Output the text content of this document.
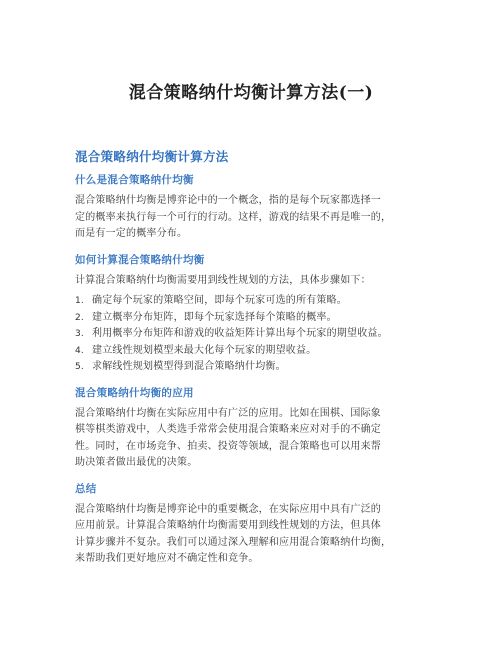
混合策略纳什均衡计算方法(一)
混合策略纳什均衡计算方法
什么是混合策略纳什均衡
混合策略纳什均衡是博弈论中的一个概念，指的是每个玩家都选择一
定的概率来执行每一个可行的行动。这样，游戏的结果不再是唯一的，
而是有一定的概率分布。
如何计算混合策略纳什均衡
计算混合策略纳什均衡需要用到线性规划的方法，具体步骤如下：
1. 确定每个玩家的策略空间，即每个玩家可选的所有策略。
2. 建立概率分布矩阵，即每个玩家选择每个策略的概率。
3. 利用概率分布矩阵和游戏的收益矩阵计算出每个玩家的期望收益。
4. 建立线性规划模型来最大化每个玩家的期望收益。
5. 求解线性规划模型得到混合策略纳什均衡。
混合策略纳什均衡的应用
混合策略纳什均衡在实际应用中有广泛的应用。比如在围棋、国际象
棋等棋类游戏中，人类选手常常会使用混合策略来应对对手的不确定
性。同时，在市场竞争、拍卖、投资等领域，混合策略也可以用来帮
助决策者做出最优的决策。
总结
混合策略纳什均衡是博弈论中的重要概念，在实际应用中具有广泛的
应用前景。计算混合策略纳什均衡需要用到线性规划的方法，但具体
计算步骤并不复杂。我们可以通过深入理解和应用混合策略纳什均衡，
来帮助我们更好地应对不确定性和竞争。
